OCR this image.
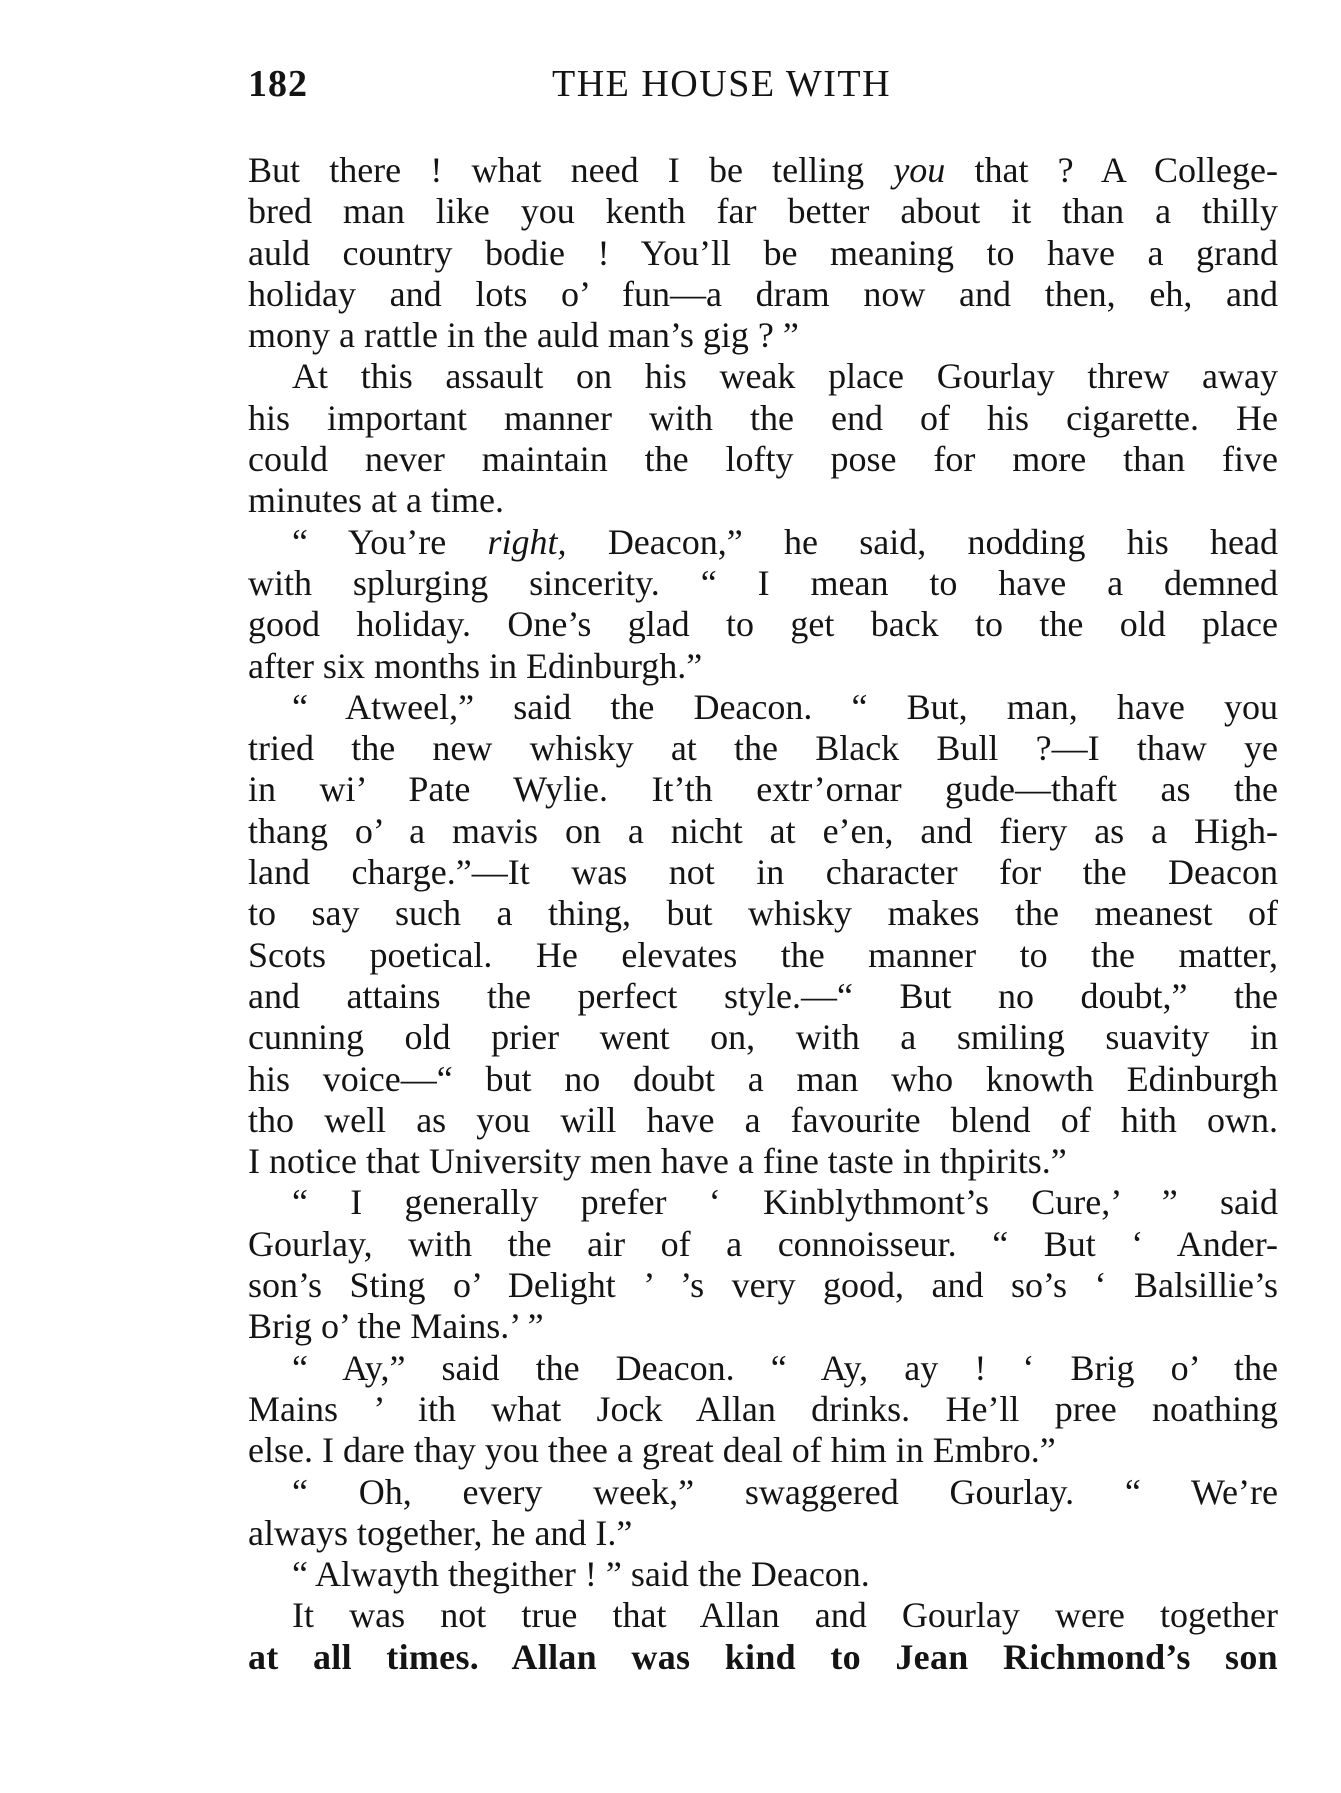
182	THE HOUSE WITH
But there ! what need I be telling you that ? A College-
bred man like you kenth far better about it than a thilly
auld country bodie ! You’ll be meaning to have a grand
holiday and lots o’ fun—a dram now and then, eh, and
mony a rattle in the auld man’s gig ? ”
At this assault on his weak place Gourlay threw away
his important manner with the end of his cigarette. He
could never maintain the lofty pose for more than five
minutes at a time.
“ You’re right, Deacon,” he said, nodding his head
with splurging sincerity. “ I mean to have a demned
good holiday. One’s glad to get back to the old place
after six months in Edinburgh.”
“ Atweel,” said the Deacon. “ But, man, have you
tried the new whisky at the Black Bull ?—I thaw ye
in wi’ Pate Wylie. It’th extr’ornar gude—thaft as the
thang o’ a mavis on a nicht at e’en, and fiery as a High-
land charge.”—It was not in character for the Deacon
to say such a thing, but whisky makes the meanest of
Scots poetical. He elevates the manner to the matter,
and attains the perfect style.—“ But no doubt,” the
cunning old prier went on, with a smiling suavity in
his voice—“ but no doubt a man who knowth Edinburgh
tho well as you will have a favourite blend of hith own.
I notice that University men have a fine taste in thpirits.”
“ I generally prefer ‘ Kinblythmont’s Cure,’ ” said
Gourlay, with the air of a connoisseur. “ But ‘ Ander-
son’s Sting o’ Delight ’ ’s very good, and so’s ‘ Balsillie’s
Brig o’ the Mains.’ ”
“ Ay,” said the Deacon. “ Ay, ay ! ‘ Brig o’ the
Mains ’ ith what Jock Allan drinks. He’ll pree noathing
else. I dare thay you thee a great deal of him in Embro.”
“ Oh, every week,” swaggered Gourlay. “ We’re
always together, he and I.”
“ Alwayth thegither ! ” said the Deacon.
It was not true that Allan and Gourlay were together
at all times. Allan was kind to Jean Richmond’s son
